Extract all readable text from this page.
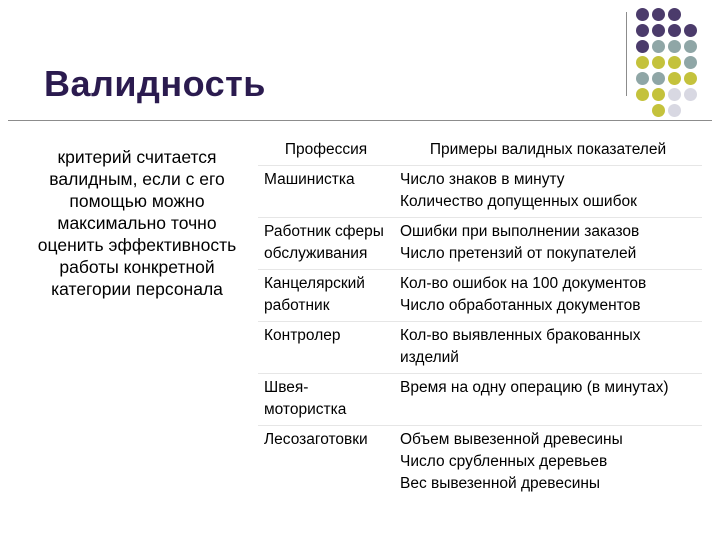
Валидность

критерий считается валидным, если с его помощью можно максимально точно оценить эффективность работы конкретной категории персонала

Профессия	Примеры валидных показателей
Машинистка	Число знаков в минуту
Количество допущенных ошибок

Работник сферы обслуживания	Ошибки при выполнении заказов
Число претензий от покупателей

Канцелярский работник	Кол-во ошибок на 100 документов
Число обработанных документов

Контролер	Кол-во выявленных бракованных изделий

Швея-мотористка	Время на одну операцию (в минутах)

Лесозаготовки	Объем вывезенной древесины
Число срубленных деревьев
Вес вывезенной древесины
